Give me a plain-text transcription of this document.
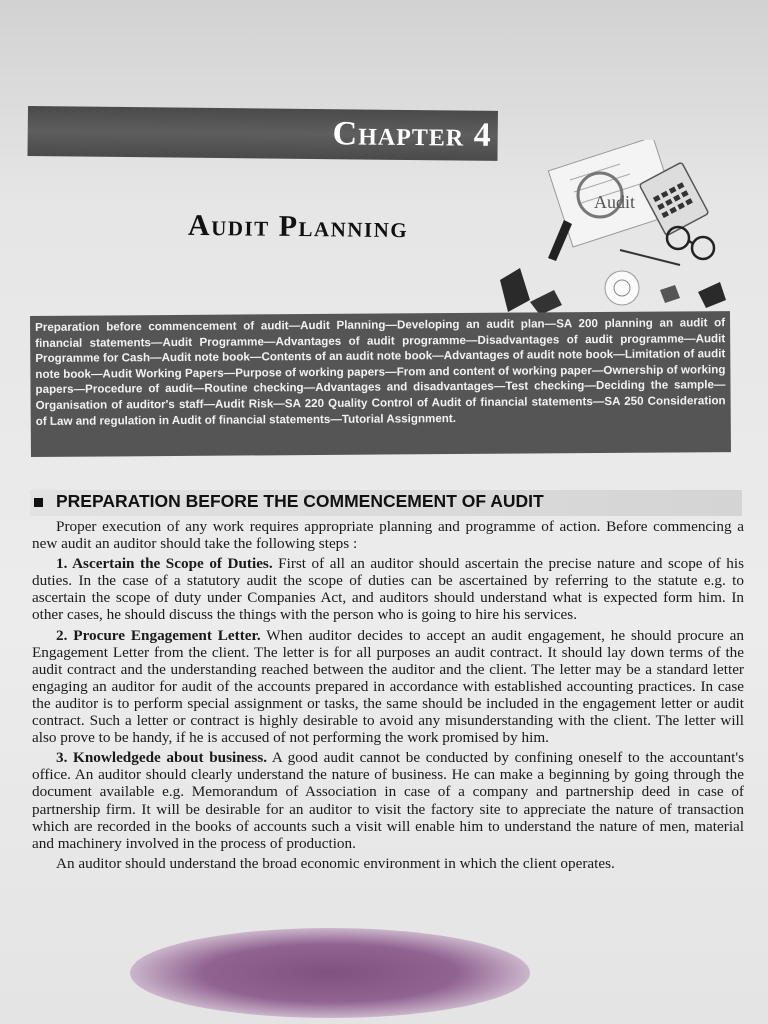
Chapter 4
Audit Planning
Audit

Preparation before commencement of audit—Audit Planning—Developing an audit plan—SA 200 planning an audit of financial statements—Audit Programme—Advantages of audit programme—Disadvantages of audit programme—Audit Programme for Cash—Audit note book—Contents of an audit note book—Advantages of audit note book—Limitation of audit note book—Audit Working Papers—Purpose of working papers—From and content of working paper—Ownership of working papers—Procedure of audit—Routine checking—Advantages and disadvantages—Test checking—Deciding the sample—Organisation of auditor's staff—Audit Risk—SA 220 Quality Control of Audit of financial statements—SA 250 Consideration of Law and regulation in Audit of financial statements—Tutorial Assignment.

PREPARATION BEFORE THE COMMENCEMENT OF AUDIT

Proper execution of any work requires appropriate planning and programme of action. Before commencing a new audit an auditor should take the following steps :

1. Ascertain the Scope of Duties. First of all an auditor should ascertain the precise nature and scope of his duties. In the case of a statutory audit the scope of duties can be ascertained by referring to the statute e.g. to ascertain the scope of duty under Companies Act, and auditors should understand what is expected form him. In other cases, he should discuss the things with the person who is going to hire his services.

2. Procure Engagement Letter. When auditor decides to accept an audit engagement, he should procure an Engagement Letter from the client. The letter is for all purposes an audit contract. It should lay down terms of the audit contract and the understanding reached between the auditor and the client. The letter may be a standard letter engaging an auditor for audit of the accounts prepared in accordance with established accounting practices. In case the auditor is to perform special assignment or tasks, the same should be included in the engagement letter or audit contract. Such a letter or contract is highly desirable to avoid any misunderstanding with the client. The letter will also prove to be handy, if he is accused of not performing the work promised by him.

3. Knowledgede about business. A good audit cannot be conducted by confining oneself to the accountant's office. An auditor should clearly understand the nature of business. He can make a beginning by going through the document available e.g. Memorandum of Association in case of a company and partnership deed in case of partnership firm. It will be desirable for an auditor to visit the factory site to appreciate the nature of transaction which are recorded in the books of accounts such a visit will enable him to understand the nature of men, material and machinery involved in the process of production.

An auditor should understand the broad economic environment in which the client operates.
